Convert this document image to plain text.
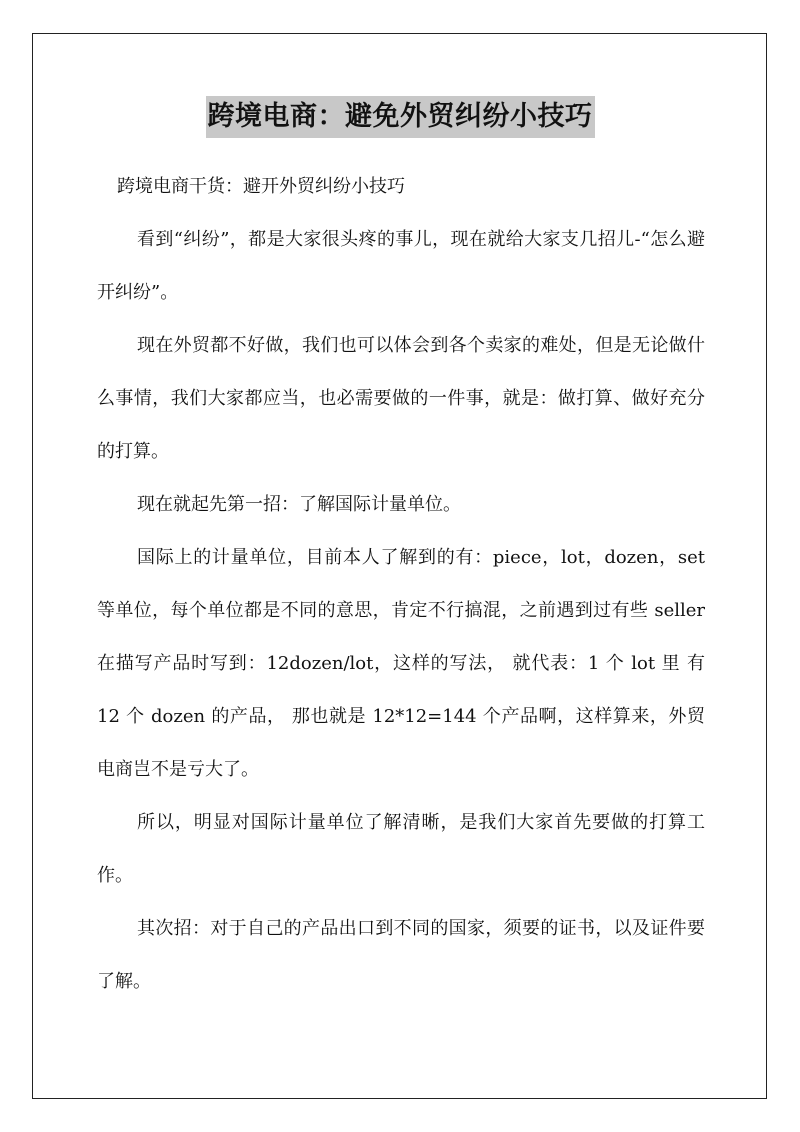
跨境电商：避免外贸纠纷小技巧

跨境电商干货：避开外贸纠纷小技巧

看到“纠纷”，都是大家很头疼的事儿，现在就给大家支几招儿-“怎么避开纠纷”。

现在外贸都不好做，我们也可以体会到各个卖家的难处，但是无论做什么事情，我们大家都应当，也必需要做的一件事，就是：做打算、做好充分的打算。

现在就起先第一招：了解国际计量单位。

国际上的计量单位，目前本人了解到的有：piece，lot，dozen，set 等单位，每个单位都是不同的意思，肯定不行搞混，之前遇到过有些 seller 在描写产品时写到：12dozen/lot，这样的写法， 就代表：1 个 lot 里 有 12 个 dozen 的产品， 那也就是 12*12=144 个产品啊，这样算来，外贸电商岂不是亏大了。

所以，明显对国际计量单位了解清晰，是我们大家首先要做的打算工作。

其次招：对于自己的产品出口到不同的国家，须要的证书，以及证件要了解。
